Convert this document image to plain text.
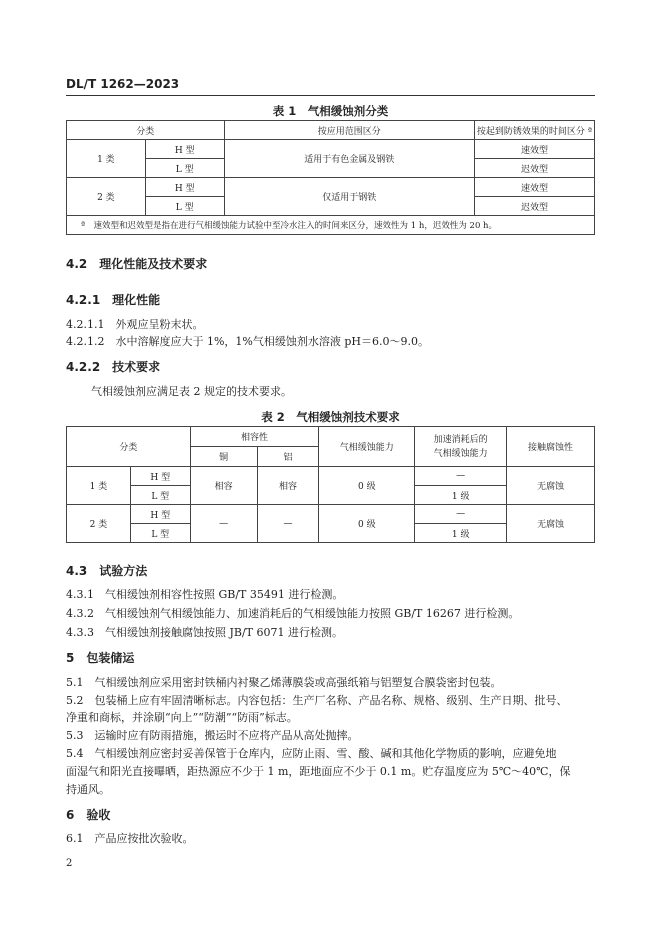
DL/T 1262—2023
表 1　气相缓蚀剂分类
分类		按应用范围区分	按起到防锈效果的时间区分 ª
1 类	H 型	适用于有色金属及钢铁	速效型
	L 型		迟效型
2 类	H 型	仅适用于钢铁	速效型
	L 型		迟效型
ª　速效型和迟效型是指在进行气相缓蚀能力试验中至冷水注入的时间来区分，速效性为 1 h，迟效性为 20 h。			
4.2　理化性能及技术要求
4.2.1　理化性能
4.2.1.1　外观应呈粉末状。
4.2.1.2　水中溶解度应大于 1%，1%气相缓蚀剂水溶液 pH＝6.0～9.0。
4.2.2　技术要求
气相缓蚀剂应满足表 2 规定的技术要求。
表 2　气相缓蚀剂技术要求
分类		相容性		气相缓蚀能力	加速消耗后的
气相缓蚀能力	接触腐蚀性
		铜	铝			
1 类	H 型	相容	相容	0 级	—	无腐蚀
	L 型				1 级	
2 类	H 型	—	—	0 级	—	无腐蚀
	L 型				1 级	
4.3　试验方法
4.3.1　气相缓蚀剂相容性按照 GB/T 35491 进行检测。
4.3.2　气相缓蚀剂气相缓蚀能力、加速消耗后的气相缓蚀能力按照 GB/T 16267 进行检测。
4.3.3　气相缓蚀剂接触腐蚀按照 JB/T 6071 进行检测。
5　包装储运
5.1　气相缓蚀剂应采用密封铁桶内衬聚乙烯薄膜袋或高强纸箱与铝塑复合膜袋密封包装。
5.2　包装桶上应有牢固清晰标志。内容包括：生产厂名称、产品名称、规格、级别、生产日期、批号、
净重和商标，并涂刷“向上”“防潮”“防雨”标志。
5.3　运输时应有防雨措施，搬运时不应将产品从高处抛摔。
5.4　气相缓蚀剂应密封妥善保管于仓库内，应防止雨、雪、酸、碱和其他化学物质的影响，应避免地
面湿气和阳光直接曝晒，距热源应不少于 1 m，距地面应不少于 0.1 m。贮存温度应为 5℃～40℃，保
持通风。
6　验收
6.1　产品应按批次验收。
2
